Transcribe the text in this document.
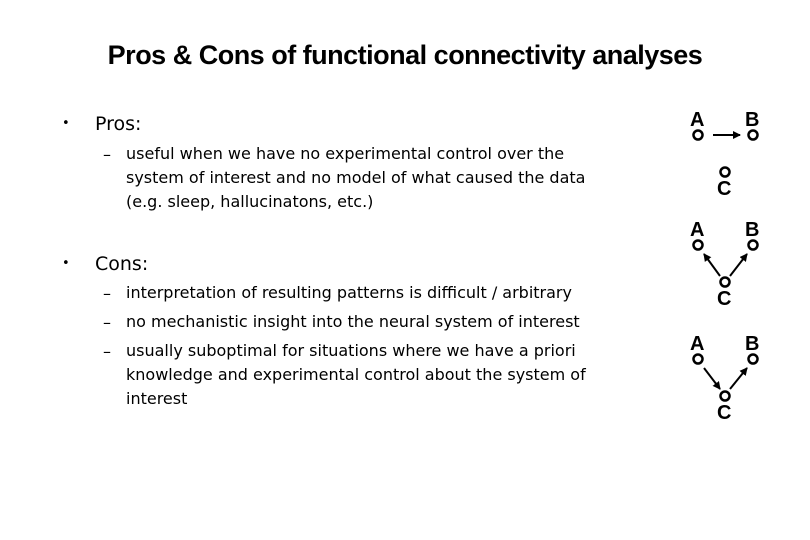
Pros & Cons of functional connectivity analyses
• Pros:
– useful when we have no experimental control over the system of interest and no model of what caused the data (e.g. sleep, hallucinatons, etc.)
• Cons:
– interpretation of resulting patterns is difficult / arbitrary
– no mechanistic insight into the neural system of interest
– usually suboptimal for situations where we have a priori knowledge and experimental control about the system of interest
A B
C
A B
C
A B
C
